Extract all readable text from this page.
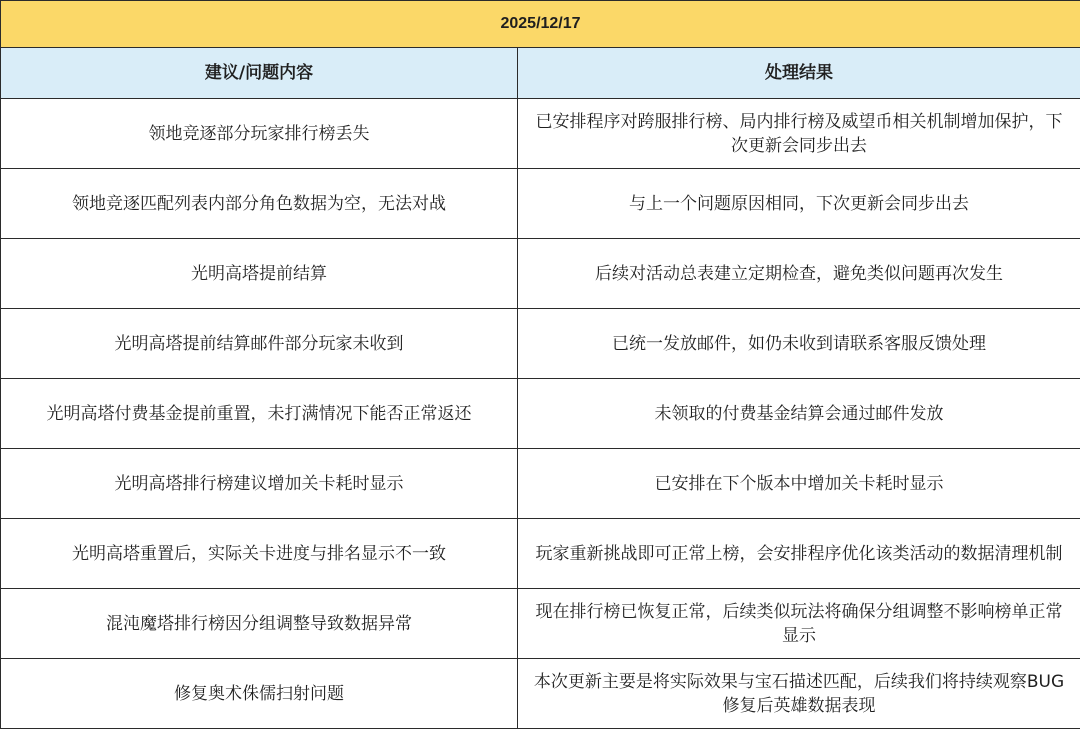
2025/12/17	
建议/问题内容	处理结果
领地竞逐部分玩家排行榜丢失	已安排程序对跨服排行榜、局内排行榜及威望币相关机制增加保护，下次更新会同步出去
领地竞逐匹配列表内部分角色数据为空，无法对战	与上一个问题原因相同，下次更新会同步出去
光明高塔提前结算	后续对活动总表建立定期检查，避免类似问题再次发生
光明高塔提前结算邮件部分玩家未收到	已统一发放邮件，如仍未收到请联系客服反馈处理
光明高塔付费基金提前重置，未打满情况下能否正常返还	未领取的付费基金结算会通过邮件发放
光明高塔排行榜建议增加关卡耗时显示	已安排在下个版本中增加关卡耗时显示
光明高塔重置后，实际关卡进度与排名显示不一致	玩家重新挑战即可正常上榜，会安排程序优化该类活动的数据清理机制
混沌魔塔排行榜因分组调整导致数据异常	现在排行榜已恢复正常，后续类似玩法将确保分组调整不影响榜单正常显示
修复奥术侏儒扫射问题	本次更新主要是将实际效果与宝石描述匹配，后续我们将持续观察BUG修复后英雄数据表现
